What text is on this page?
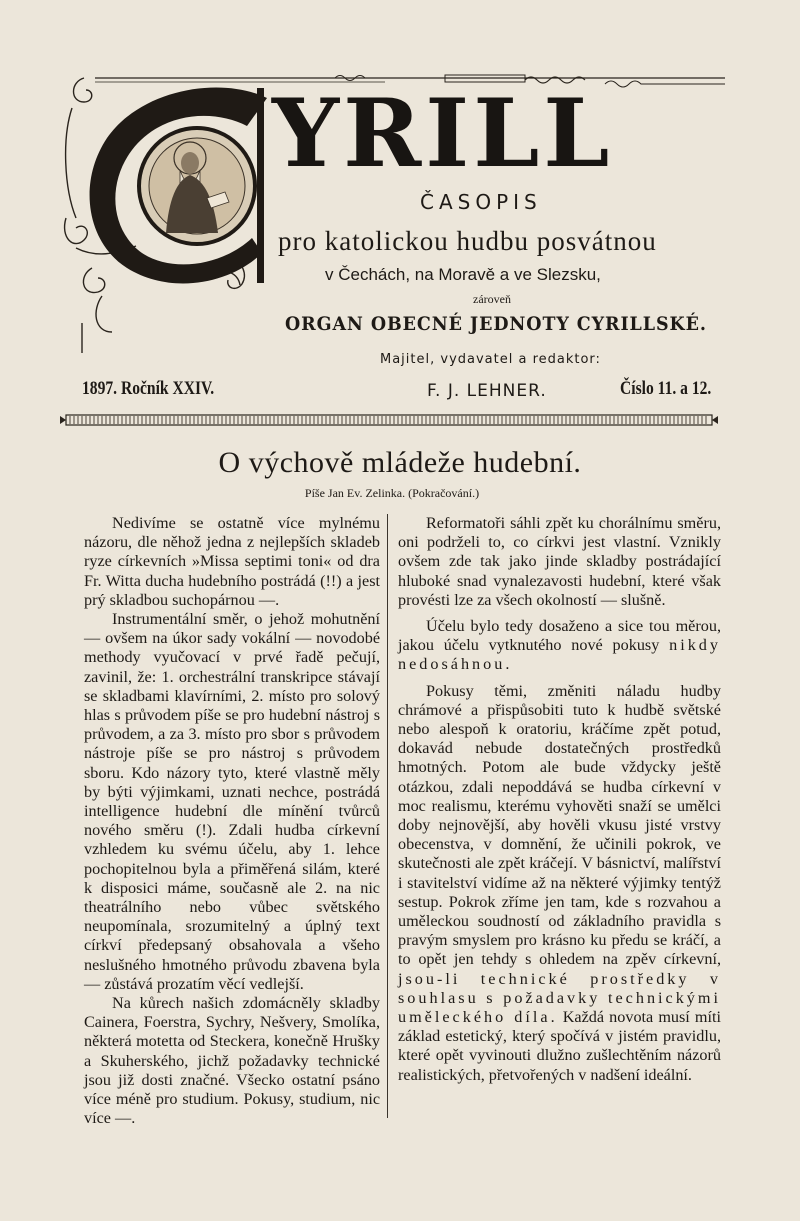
YRILL
ČASOPIS
pro katolickou hudbu posvátnou
v Čechách, na Moravě a ve Slezsku,
zároveň
ORGAN OBECNÉ JEDNOTY CYRILLSKÉ.
Majitel, vydavatel a redaktor:
1897. Ročník XXIV.	F. J. LEHNER.	Číslo 11. a 12.
O výchově mládeže hudební.
Píše Jan Ev. Zelinka. (Pokračování.)

Nedivíme se ostatně více mylnému názoru, dle něhož jedna z nejlepších skladeb ryze církevních »Missa septimi toni« od dra Fr. Witta ducha hudebního postrádá (!!) a jest prý skladbou suchopárnou —.

Instrumentální směr, o jehož mohutnění — ovšem na úkor sady vokální — novodobé methody vyučovací v prvé řadě pečují, zavinil, že: 1. orchestrální transkripce stávají se skladbami klavírními, 2. místo pro solový hlas s průvodem píše se pro hudební nástroj s průvodem, a za 3. místo pro sbor s průvodem nástroje píše se pro nástroj s průvodem sboru. Kdo názory tyto, které vlastně měly by býti výjimkami, uznati nechce, postrádá intelligence hudební dle mínění tvůrců nového směru (!). Zdali hudba církevní vzhledem ku svému účelu, aby 1. lehce pochopitelnou byla a přiměřená silám, které k disposici máme, současně ale 2. na nic theatrálního nebo vůbec světského neupomínala, srozumitelný a úplný text církví předepsaný obsahovala a všeho neslušného hmotného průvodu zbavena byla — zůstává prozatím věcí vedlejší.

Na kůrech našich zdomácněly skladby Cainera, Foerstra, Sychry, Nešvery, Smolíka, některá motetta od Steckera, konečně Hrušky a Skuherského, jichž požadavky technické jsou již dosti značné. Všecko ostatní psáno více méně pro studium. Pokusy, studium, nic více —.

Reformatoři sáhli zpět ku chorálnímu směru, oni podrželi to, co církvi jest vlastní. Vznikly ovšem zde tak jako jinde skladby postrádající hluboké snad vynalezavosti hudební, které však provésti lze za všech okolností — slušně.

Účelu bylo tedy dosaženo a sice tou měrou, jakou účelu vytknutého nové pokusy nikdy nedosáhnou.

Pokusy těmi, změniti náladu hudby chrámové a přispůsobiti tuto k hudbě světské nebo alespoň k oratoriu, kráčíme zpět potud, dokavád nebude dostatečných prostředků hmotných. Potom ale bude vždycky ještě otázkou, zdali nepoddává se hudba církevní v moc realismu, kterému vyhověti snaží se umělci doby nejnovější, aby hověli vkusu jisté vrstvy obecenstva, v domnění, že učinili pokrok, ve skutečnosti ale zpět kráčejí. V básnictví, malířství i stavitelství vidíme až na některé výjimky tentýž sestup. Pokrok zříme jen tam, kde s rozvahou a uměleckou soudností od základního pravidla s pravým smyslem pro krásno ku předu se kráčí, a to opět jen tehdy s ohledem na zpěv církevní, jsou-li technické prostředky v souhlasu s požadavky technickými uměleckého díla. Každá novota musí míti základ estetický, který spočívá v jistém pravidlu, které opět vyvinouti dlužno zušlechtěním názorů realistických, přetvořených v nadšení ideální.
